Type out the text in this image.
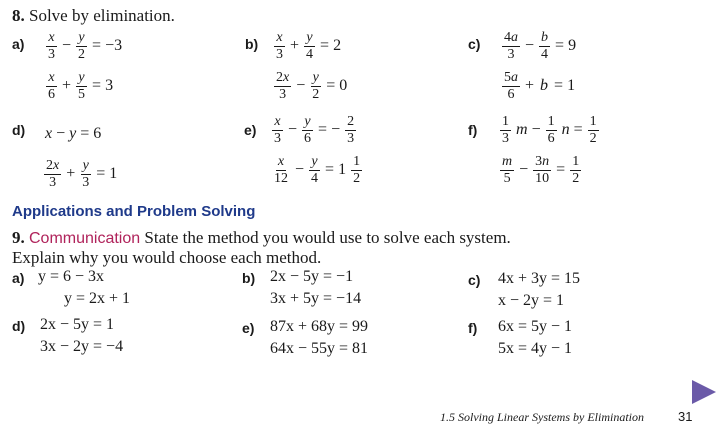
8. Solve by elimination.
$a) \frac{x}{3} - \frac{y}{2} = -3$
$\frac{x}{6} + \frac{y}{5} = 3$
$b) \frac{x}{3} + \frac{y}{4} = 2$
$\frac{2x}{3} - \frac{y}{2} = 0$
$c) \frac{4a}{3} - \frac{b}{4} = 9$
$\frac{5a}{6} + b = 1$
d) x − y = 6
$\frac{2x}{3} + \frac{y}{3} = 1$
$e) \frac{x}{3} - \frac{y}{6}$ = − $\frac{2}{3}$
$\frac{x}{12} - \frac{y}{4} = 1 \frac{1}{2}$
$f) \frac{1}{3}$ $m - \frac{1}{6}$ $n = \frac{1}{2}$
$\frac{m}{5} - \frac{3n}{10} = \frac{1}{2}$
Applications and Problem Solving
9. Communication State the method you would use to solve each system.
Explain why you would choose each method.
a) y = 6 − 3x
y = 2x + 1
b) 2x − 5y = −1
3x + 5y = −14
c) 4x + 3y = 15
x − 2y = 1
d) 2x − 5y = 1
3x − 2y = −4
e) 87x + 68y = 99
64x − 55y = 81
f) 6x = 5y − 1
5x = 4y − 1
1.5 Solving Linear Systems by Elimination	31
